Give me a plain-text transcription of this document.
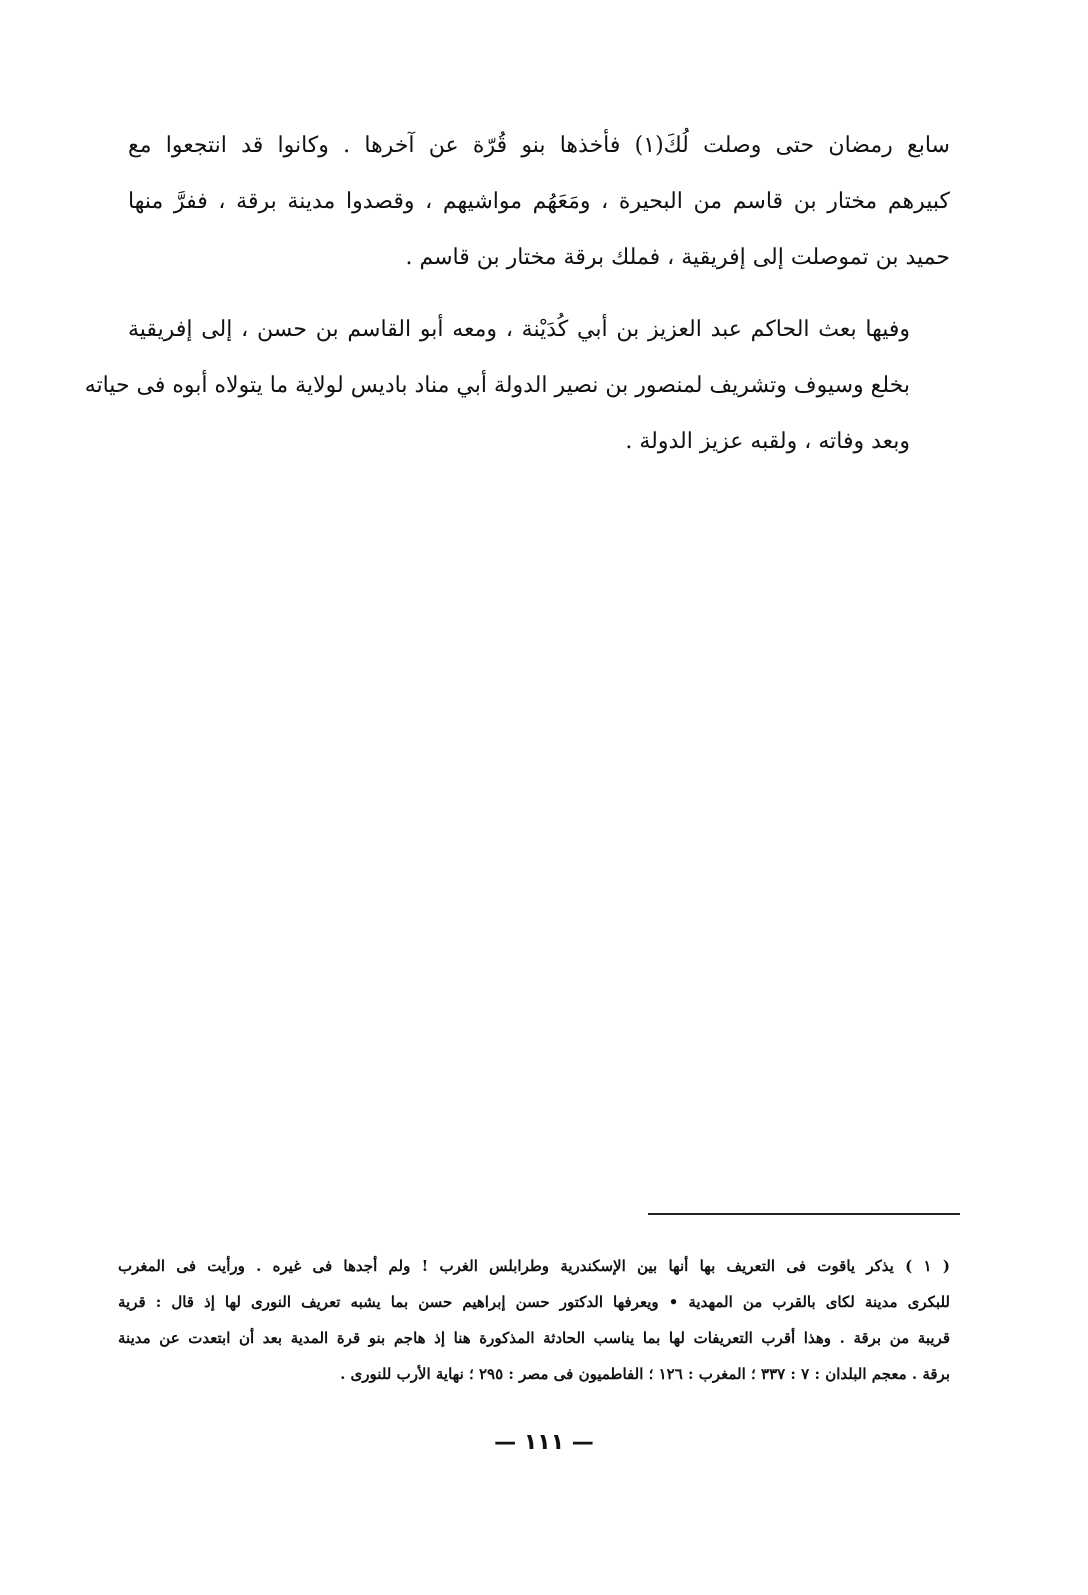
سابع رمضان حتى وصلت لُكَ(١) فأخذها بنو قُرّة عن آخرها . وكانوا قد انتجعوا مع
كبيرهم مختار بن قاسم من البحيرة ، ومَعَهُم مواشيهم ، وقصدوا مدينة برقة ، ففرَّ منها
حميد بن تموصلت إلى إفريقية ، فملك برقة مختار بن قاسم .

وفيها بعث الحاكم عبد العزيز بن أبي كُدَيْنة ، ومعه أبو القاسم بن حسن ، إلى إفريقية
بخلع وسيوف وتشريف لمنصور بن نصير الدولة أبي مناد باديس لولاية ما يتولاه أبوه فى حياته
وبعد وفاته ، ولقبه عزيز الدولة .

( ١ ) يذكر ياقوت فى التعريف بها أنها بين الإسكندرية وطرابلس الغرب ! ولم أجدها فى غيره . ورأيت فى المغرب
للبكرى مدينة لكاى بالقرب من المهدية • ويعرفها الدكتور حسن إبراهيم حسن بما يشبه تعريف النورى لها إذ قال : قرية
قريبة من برقة . وهذا أقرب التعريفات لها بما يناسب الحادثة المذكورة هنا إذ هاجم بنو قرة المدية بعد أن ابتعدت عن مدينة
برقة . معجم البلدان : ٧ : ٣٣٧ ؛ المغرب : ١٢٦ ؛ الفاطميون فى مصر : ٢٩٥ ؛ نهاية الأرب للنورى .
— ١١١ —
